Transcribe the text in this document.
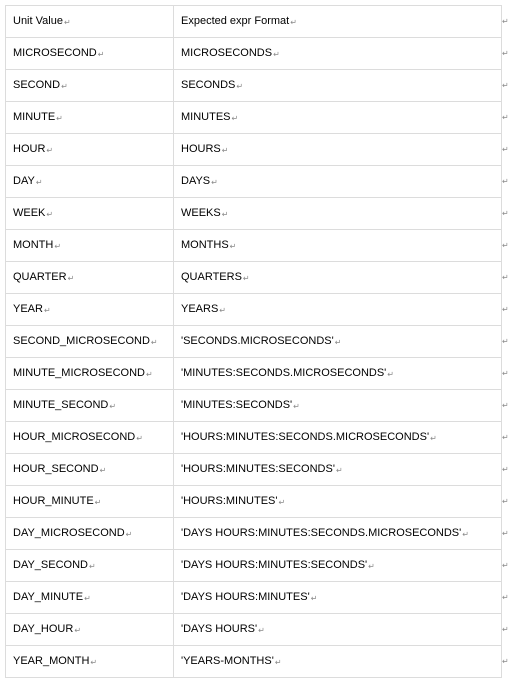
Unit Value↵	Expected expr Format↵
MICROSECOND↵	MICROSECONDS↵
SECOND↵	SECONDS↵
MINUTE↵	MINUTES↵
HOUR↵	HOURS↵
DAY↵	DAYS↵
WEEK↵	WEEKS↵
MONTH↵	MONTHS↵
QUARTER↵	QUARTERS↵
YEAR↵	YEARS↵
SECOND_MICROSECOND↵	'SECONDS.MICROSECONDS'↵
MINUTE_MICROSECOND↵	'MINUTES:SECONDS.MICROSECONDS'↵
MINUTE_SECOND↵	'MINUTES:SECONDS'↵
HOUR_MICROSECOND↵	'HOURS:MINUTES:SECONDS.MICROSECONDS'↵
HOUR_SECOND↵	'HOURS:MINUTES:SECONDS'↵
HOUR_MINUTE↵	'HOURS:MINUTES'↵
DAY_MICROSECOND↵	'DAYS HOURS:MINUTES:SECONDS.MICROSECONDS'↵
DAY_SECOND↵	'DAYS HOURS:MINUTES:SECONDS'↵
DAY_MINUTE↵	'DAYS HOURS:MINUTES'↵
DAY_HOUR↵	'DAYS HOURS'↵
YEAR_MONTH↵	'YEARS-MONTHS'↵
↵
↵
↵
↵
↵
↵
↵
↵
↵
↵
↵
↵
↵
↵
↵
↵
↵
↵
↵
↵
↵
